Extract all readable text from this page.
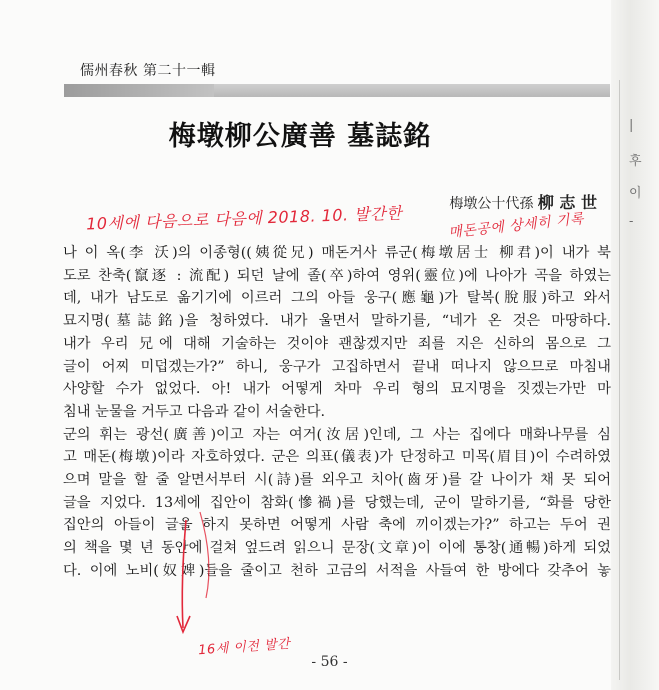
|
후
이
-
儒州春秋 第二十一輯
梅墩柳公廣善 墓誌銘
梅墩公十代孫 柳 志 世

나 이 옥(李 沃)의 이종형((姨從兄) 매돈거사 류군(梅墩居士 柳君)이 내가 북
도로 찬축(竄逐 : 流配) 되던 날에 졸(卒)하여 영위(靈位)에 나아가 곡을 하였는
데, 내가 남도로 옮기기에 이르러 그의 아들 웅구(應龜)가 탈복(脫服)하고 와서
묘지명(墓誌銘)을 청하였다. 내가 울면서 말하기를, “네가 온 것은 마땅하다.
내가 우리 兄에 대해 기술하는 것이야 괜찮겠지만 죄를 지은 신하의 몸으로 그
글이 어찌 미덥겠는가?” 하니, 웅구가 고집하면서 끝내 떠나지 않으므로 마침내
사양할 수가 없었다. 아! 내가 어떻게 차마 우리 형의 묘지명을 짓겠는가만 마
침내 눈물을 거두고 다음과 같이 서술한다.

군의 휘는 광선(廣善)이고 자는 여거(汝居)인데, 그 사는 집에다 매화나무를 심
고 매돈(梅墩)이라 자호하였다. 군은 의표(儀表)가 단정하고 미목(眉目)이 수려하였
으며 말을 할 줄 알면서부터 시(詩)를 외우고 치아(齒牙)를 갈 나이가 채 못 되어
글을 지었다. 13세에 집안이 참화(慘禍)를 당했는데, 군이 말하기를, “화를 당한
집안의 아들이 글을 하지 못하면 어떻게 사람 축에 끼이겠는가?” 하고는 두어 권
의 책을 몇 년 동안에 걸쳐 엎드려 읽으니 문장(文章)이 이에 통창(通暢)하게 되었
다. 이에 노비(奴婢)들을 줄이고 천하 고금의 서적을 사들여 한 방에다 갖추어 놓

- 56 -
10세에 다음으로 다음에 2018. 10. 발간한	매돈공에 상세히 기록
16세 이전 발간
